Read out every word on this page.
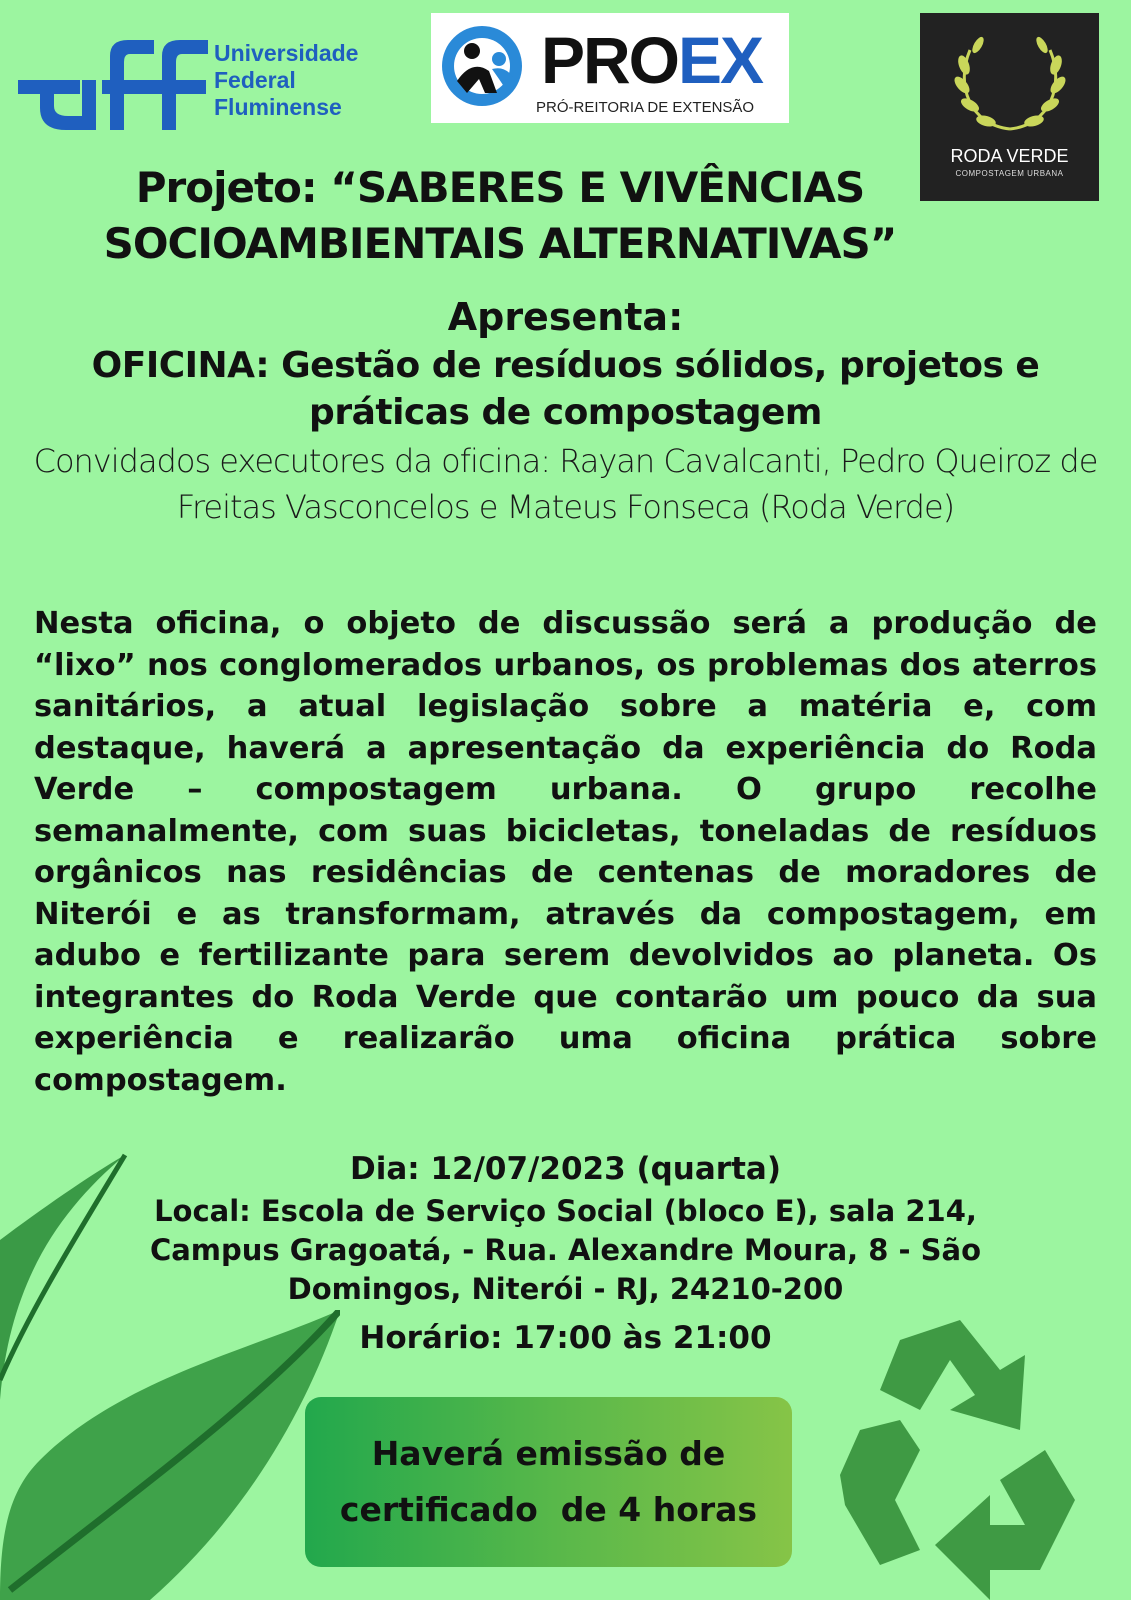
Universidade
Federal
Fluminense
PROEX
PRÓ-REITORIA DE EXTENSÃO
RODA VERDE
COMPOSTAGEM URBANA
Projeto: “SABERES E VIVÊNCIAS
SOCIOAMBIENTAIS ALTERNATIVAS”
Apresenta:
OFICINA: Gestão de resíduos sólidos, projetos e práticas de compostagem
Convidados executores da oficina: Rayan Cavalcanti, Pedro Queiroz de Freitas Vasconcelos e Mateus Fonseca (Roda Verde)
Nesta oficina, o objeto de discussão será a produção de “lixo” nos conglomerados urbanos, os problemas dos aterros sanitários, a atual legislação sobre a matéria e, com destaque, haverá a apresentação da experiência do Roda Verde – compostagem urbana. O grupo recolhe semanalmente, com suas bicicletas, toneladas de resíduos orgânicos nas residências de centenas de moradores de Niterói e as transformam, através da compostagem, em adubo e fertilizante para serem devolvidos ao planeta. Os integrantes do Roda Verde que contarão um pouco da sua experiência e realizarão uma oficina prática sobre compostagem.
Dia: 12/07/2023 (quarta)
Local: Escola de Serviço Social (bloco E), sala 214, Campus Gragoatá, - Rua. Alexandre Moura, 8 - São Domingos, Niterói - RJ, 24210-200
Horário: 17:00 às 21:00
Haverá emissão de
certificado  de 4 horas
